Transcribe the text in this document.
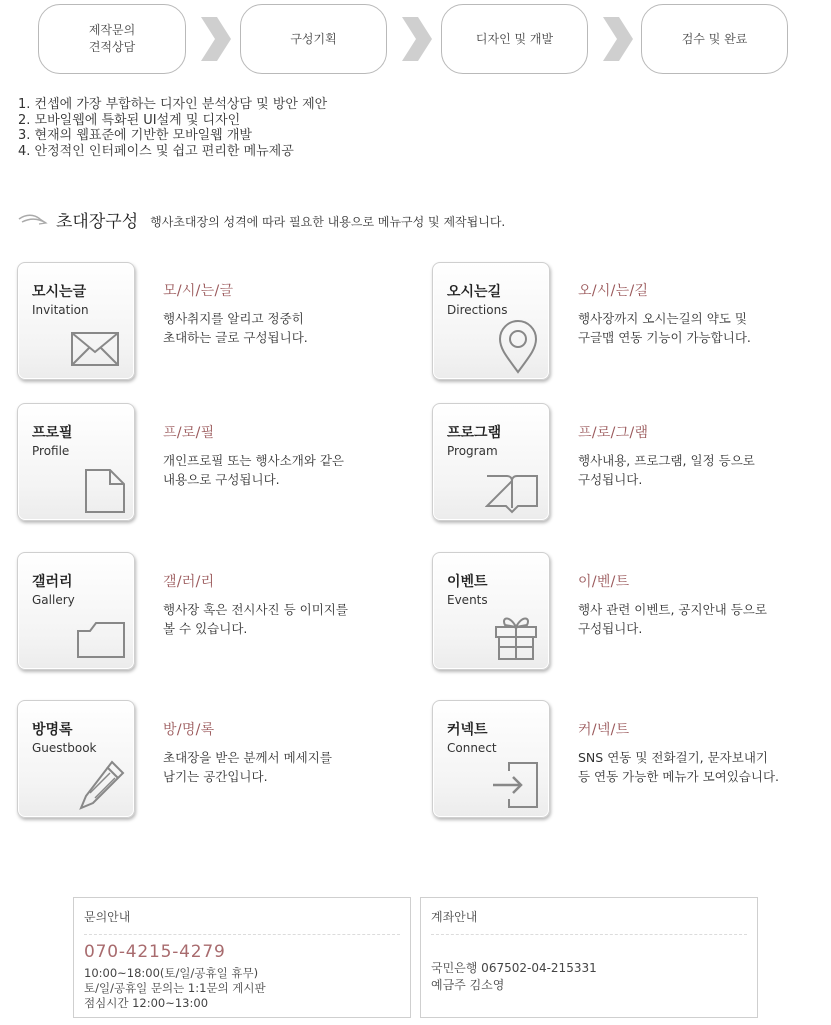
제작문의
견적상담
구성기획	디자인 및 개발	검수 및 완료
1. 컨셉에 가장 부합하는 디자인 분석상담 및 방안 제안
2. 모바일웹에 특화된 UI설계 및 디자인
3. 현재의 웹표준에 기반한 모바일웹 개발
4. 안정적인 인터페이스 및 쉽고 편리한 메뉴제공
초대장구성 행사초대장의 성격에 따라 필요한 내용으로 메뉴구성 및 제작됩니다.
모시는글
Invitation
모/시/는/글
행사취지를 알리고 정중히
초대하는 글로 구성됩니다.
오시는길
Directions
오/시/는/길
행사장까지 오시는길의 약도 및
구글맵 연동 기능이 가능합니다.
프로필
Profile
프/로/필
개인프로필 또는 행사소개와 같은
내용으로 구성됩니다.
프로그램
Program
프/로/그/램
행사내용, 프로그램, 일정 등으로
구성됩니다.
갤러리
Gallery
갤/러/리
행사장 혹은 전시사진 등 이미지를
볼 수 있습니다.
이벤트
Events
이/벤/트
행사 관련 이벤트, 공지안내 등으로
구성됩니다.
방명록
Guestbook
방/명/록
초대장을 받은 분께서 메세지를
남기는 공간입니다.
커넥트
Connect
커/넥/트
SNS 연동 및 전화걸기, 문자보내기
등 연동 가능한 메뉴가 모여있습니다.
문의안내
070-4215-4279
10:00~18:00(토/일/공휴일 휴무)
토/일/공휴일 문의는 1:1문의 게시판
점심시간 12:00~13:00
계좌안내
국민은행 067502-04-215331
예금주 김소영
